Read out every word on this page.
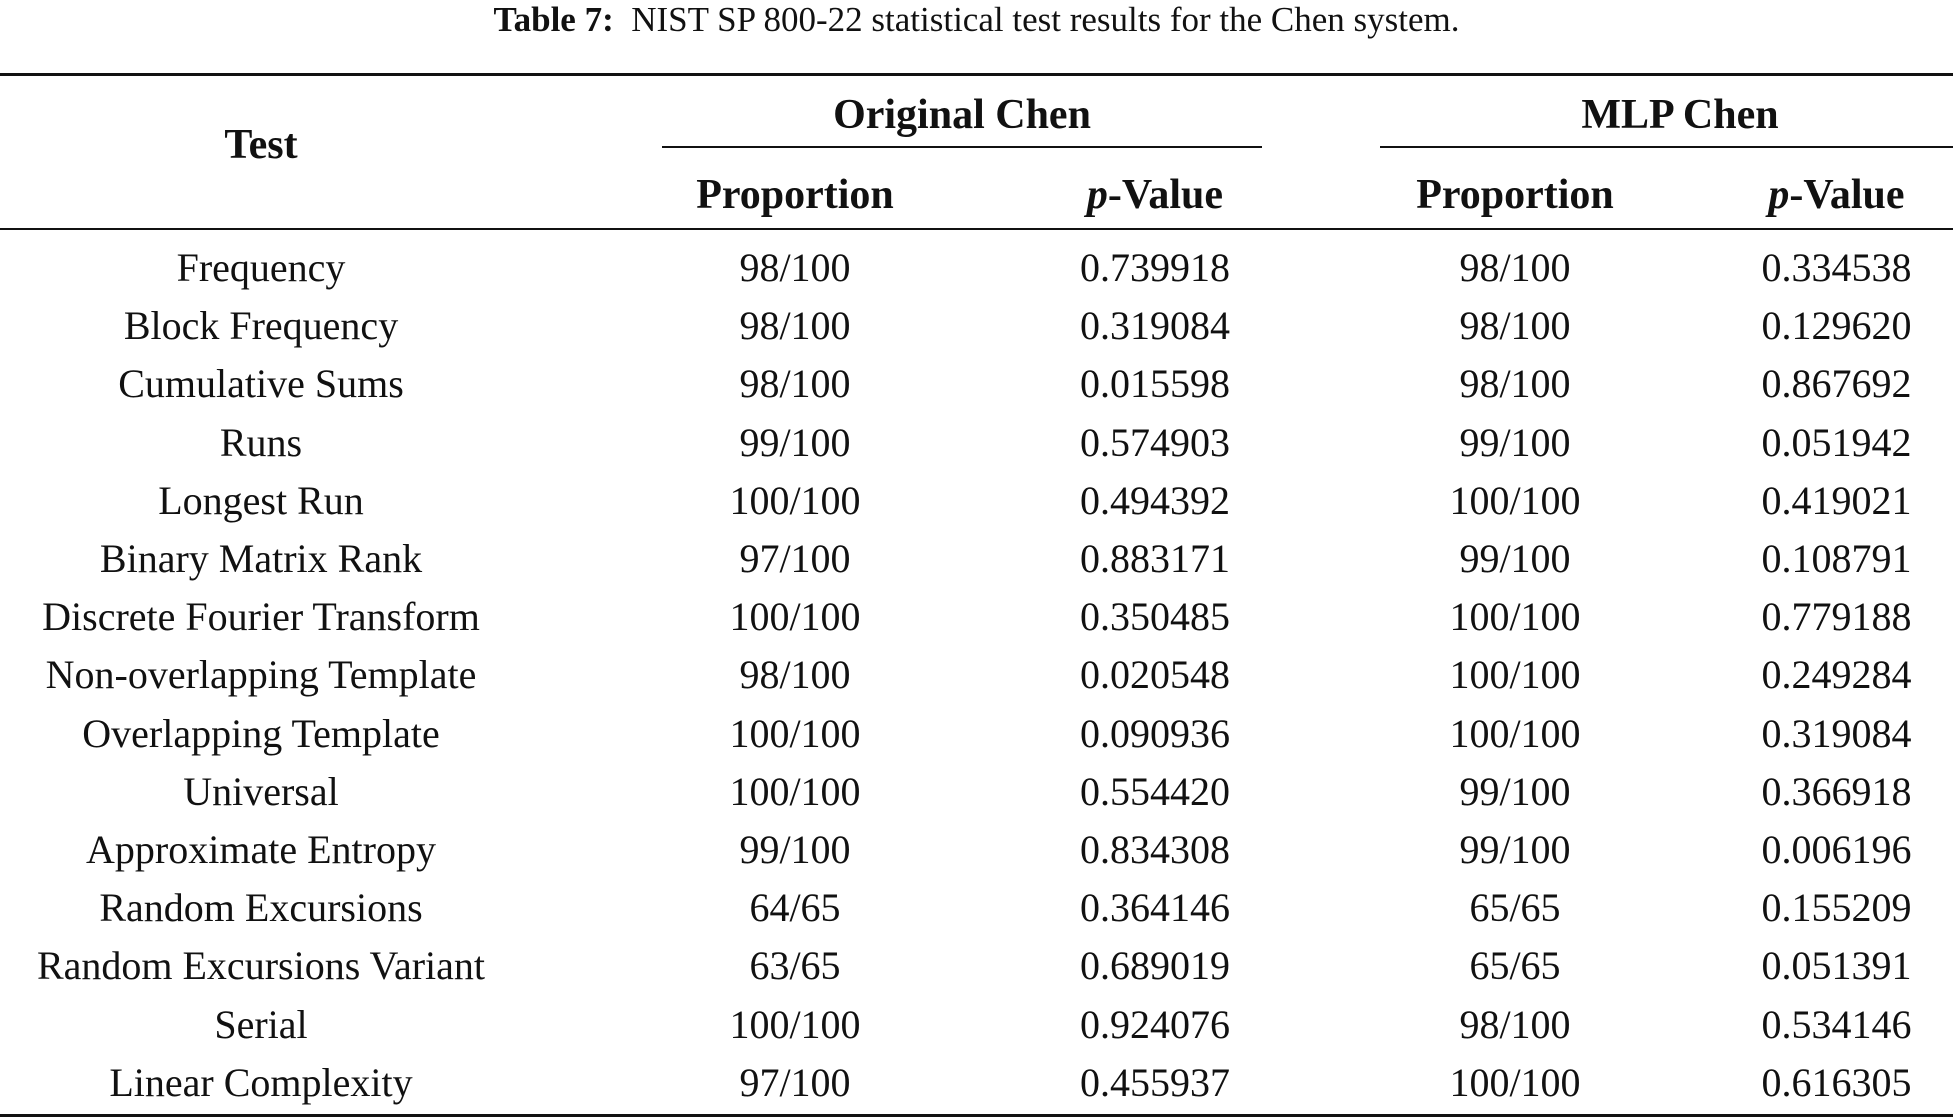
Table 7: NIST SP 800-22 statistical test results for the Chen system.
Test
Original Chen	MLP Chen
Proportion	p-Value	Proportion	p-Value
Frequency	98/100	0.739918	98/100	0.334538
Block Frequency	98/100	0.319084	98/100	0.129620
Cumulative Sums	98/100	0.015598	98/100	0.867692
Runs	99/100	0.574903	99/100	0.051942
Longest Run	100/100	0.494392	100/100	0.419021
Binary Matrix Rank	97/100	0.883171	99/100	0.108791
Discrete Fourier Transform	100/100	0.350485	100/100	0.779188
Non-overlapping Template	98/100	0.020548	100/100	0.249284
Overlapping Template	100/100	0.090936	100/100	0.319084
Universal	100/100	0.554420	99/100	0.366918
Approximate Entropy	99/100	0.834308	99/100	0.006196
Random Excursions	64/65	0.364146	65/65	0.155209
Random Excursions Variant	63/65	0.689019	65/65	0.051391
Serial	100/100	0.924076	98/100	0.534146
Linear Complexity	97/100	0.455937	100/100	0.616305
